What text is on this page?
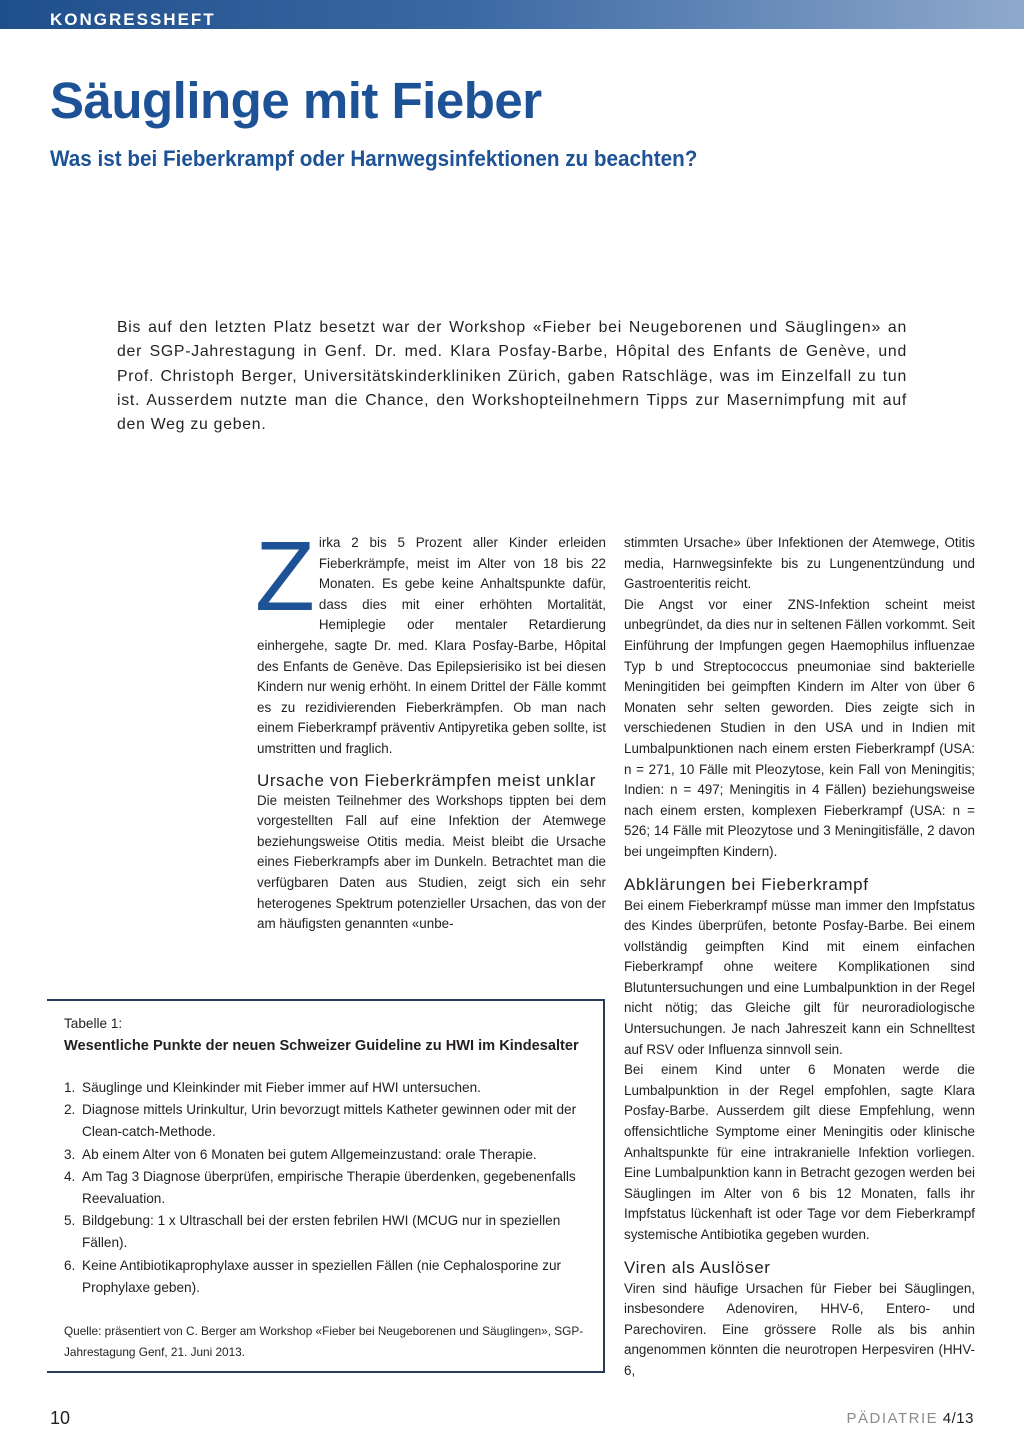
KONGRESSHEFT
Säuglinge mit Fieber
Was ist bei Fieberkrampf oder Harnwegsinfektionen zu beachten?

Bis auf den letzten Platz besetzt war der Workshop «Fieber bei Neugeborenen und Säuglingen» an der SGP-Jahrestagung in Genf. Dr. med. Klara Posfay-Barbe, Hôpital des Enfants de Genève, und Prof. Christoph Berger, Universitätskinderkliniken Zürich, gaben Ratschläge, was im Einzelfall zu tun ist. Ausserdem nutzte man die Chance, den Workshopteilnehmern Tipps zur Masernimpfung mit auf den Weg zu geben.

Z irka 2 bis 5 Prozent aller Kinder erleiden Fieberkrämpfe, meist im Alter von 18 bis 22 Monaten. Es gebe keine Anhaltspunkte dafür, dass dies mit einer erhöhten Mortalität, Hemiplegie oder mentaler Retardierung einhergehe, sagte Dr. med. Klara Posfay-Barbe, Hôpital des Enfants de Genève. Das Epilepsierisiko ist bei diesen Kindern nur wenig erhöht. In einem Drittel der Fälle kommt es zu rezidivierenden Fieberkrämpfen. Ob man nach einem Fieberkrampf präventiv Antipyretika geben sollte, ist umstritten und fraglich.

Ursache von Fieberkrämpfen meist unklar

Die meisten Teilnehmer des Workshops tippten bei dem vorgestellten Fall auf eine Infektion der Atemwege beziehungsweise Otitis media. Meist bleibt die Ursache eines Fieberkrampfs aber im Dunkeln. Betrachtet man die verfügbaren Daten aus Studien, zeigt sich ein sehr heterogenes Spektrum potenzieller Ursachen, das von der am häufigsten genannten «unbe-

stimmten Ursache» über Infektionen der Atemwege, Otitis media, Harnwegsinfekte bis zu Lungenentzündung und Gastroenteritis reicht.

Die Angst vor einer ZNS-Infektion scheint meist unbegründet, da dies nur in seltenen Fällen vorkommt. Seit Einführung der Impfungen gegen Haemophilus influenzae Typ b und Streptococcus pneumoniae sind bakterielle Meningitiden bei geimpften Kindern im Alter von über 6 Monaten sehr selten geworden. Dies zeigte sich in verschiedenen Studien in den USA und in Indien mit Lumbalpunktionen nach einem ersten Fieberkrampf (USA: n = 271, 10 Fälle mit Pleozytose, kein Fall von Meningitis; Indien: n = 497; Meningitis in 4 Fällen) beziehungsweise nach einem ersten, komplexen Fieberkrampf (USA: n = 526; 14 Fälle mit Pleozytose und 3 Meningitisfälle, 2 davon bei ungeimpften Kindern).

Abklärungen bei Fieberkrampf

Bei einem Fieberkrampf müsse man immer den Impfstatus des Kindes überprüfen, betonte Posfay-Barbe. Bei einem vollständig geimpften Kind mit einem einfachen Fieberkrampf ohne weitere Komplikationen sind Blutuntersuchungen und eine Lumbalpunktion in der Regel nicht nötig; das Gleiche gilt für neuroradiologische Untersuchungen. Je nach Jahreszeit kann ein Schnelltest auf RSV oder Influenza sinnvoll sein.

Bei einem Kind unter 6 Monaten werde die Lumbalpunktion in der Regel empfohlen, sagte Klara Posfay-Barbe. Ausserdem gilt diese Empfehlung, wenn offensichtliche Symptome einer Meningitis oder klinische Anhaltspunkte für eine intrakranielle Infektion vorliegen. Eine Lumbalpunktion kann in Betracht gezogen werden bei Säuglingen im Alter von 6 bis 12 Monaten, falls ihr Impfstatus lückenhaft ist oder Tage vor dem Fieberkrampf systemische Antibiotika gegeben wurden.

Viren als Auslöser

Viren sind häufige Ursachen für Fieber bei Säuglingen, insbesondere Adenoviren, HHV-6, Entero- und Parechoviren. Eine grössere Rolle als bis anhin angenommen könnten die neurotropen Herpesviren (HHV-6,

Tabelle 1:
Wesentliche Punkte der neuen Schweizer Guideline zu HWI im Kindesalter
1. Säuglinge und Kleinkinder mit Fieber immer auf HWI untersuchen.
2. Diagnose mittels Urinkultur, Urin bevorzugt mittels Katheter gewinnen oder mit der Clean-catch-Methode.
3. Ab einem Alter von 6 Monaten bei gutem Allgemeinzustand: orale Therapie.
4. Am Tag 3 Diagnose überprüfen, empirische Therapie überdenken, gegebenenfalls Reevaluation.
5. Bildgebung: 1 x Ultraschall bei der ersten febrilen HWI (MCUG nur in speziellen Fällen).
6. Keine Antibiotikaprophylaxe ausser in speziellen Fällen (nie Cephalosporine zur Prophylaxe geben).
Quelle: präsentiert von C. Berger am Workshop «Fieber bei Neugeborenen und Säuglingen», SGP-Jahrestagung Genf, 21. Juni 2013.
10	PÄDIATRIE 4/13
